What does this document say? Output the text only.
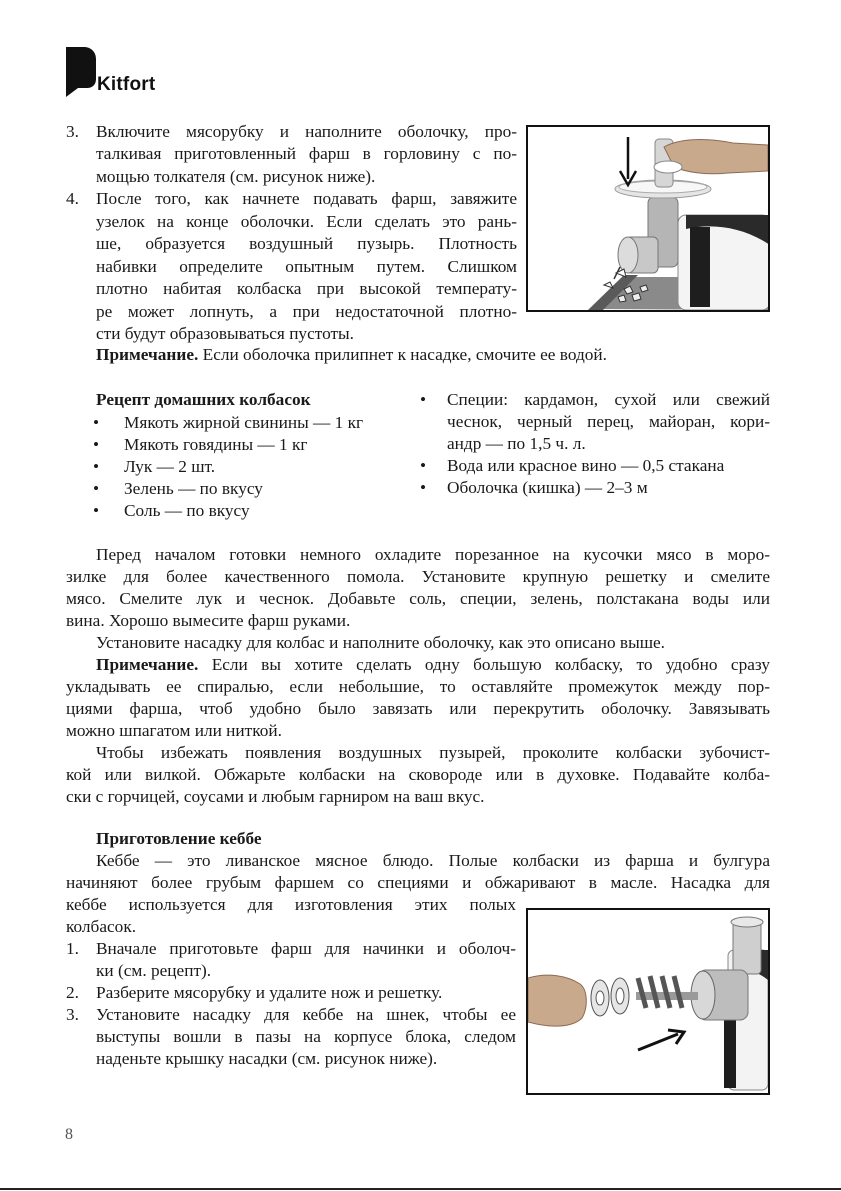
Kitfort
3. Включите мясорубку и наполните оболочку, про-
талкивая приготовленный фарш в горловину с по-
мощью толкателя (см. рисунок ниже).
4. После того, как начнете подавать фарш, завяжите
узелок на конце оболочки. Если сделать это рань-
ше, образуется воздушный пузырь. Плотность
набивки определите опытным путем. Слишком
плотно набитая колбаска при высокой температу-
ре может лопнуть, а при недостаточной плотно-
сти будут образовываться пустоты.
Примечание. Если оболочка прилипнет к насадке, смочите ее водой.
Рецепт домашних колбасок
• Мякоть жирной свинины — 1 кг
• Мякоть говядины — 1 кг
• Лук — 2 шт.
• Зелень — по вкусу
• Соль — по вкусу
• Специи: кардамон, сухой или свежий
чеснок, черный перец, майоран, кори-
андр — по 1,5 ч. л.
• Вода или красное вино — 0,5 стакана
• Оболочка (кишка) — 2–3 м
Перед началом готовки немного охладите порезанное на кусочки мясо в моро-
зилке для более качественного помола. Установите крупную решетку и смелите
мясо. Смелите лук и чеснок. Добавьте соль, специи, зелень, полстакана воды или
вина. Хорошо вымесите фарш руками.
Установите насадку для колбас и наполните оболочку, как это описано выше.
Примечание. Если вы хотите сделать одну большую колбаску, то удобно сразу
укладывать ее спиралью, если небольшие, то оставляйте промежуток между пор-
циями фарша, чтоб удобно было завязать или перекрутить оболочку. Завязывать
можно шпагатом или ниткой.
Чтобы избежать появления воздушных пузырей, проколите колбаски зубочист-
кой или вилкой. Обжарьте колбаски на сковороде или в духовке. Подавайте колба-
ски с горчицей, соусами и любым гарниром на ваш вкус.
Приготовление кеббе
Кеббе — это ливанское мясное блюдо. Полые колбаски из фарша и булгура
начиняют более грубым фаршем со специями и обжаривают в масле. Насадка для
кеббе используется для изготовления этих полых
колбасок.
1. Вначале приготовьте фарш для начинки и оболоч-
ки (см. рецепт).
2. Разберите мясорубку и удалите нож и решетку.
3. Установите насадку для кеббе на шнек, чтобы ее
выступы вошли в пазы на корпусе блока, следом
наденьте крышку насадки (см. рисунок ниже).
8
